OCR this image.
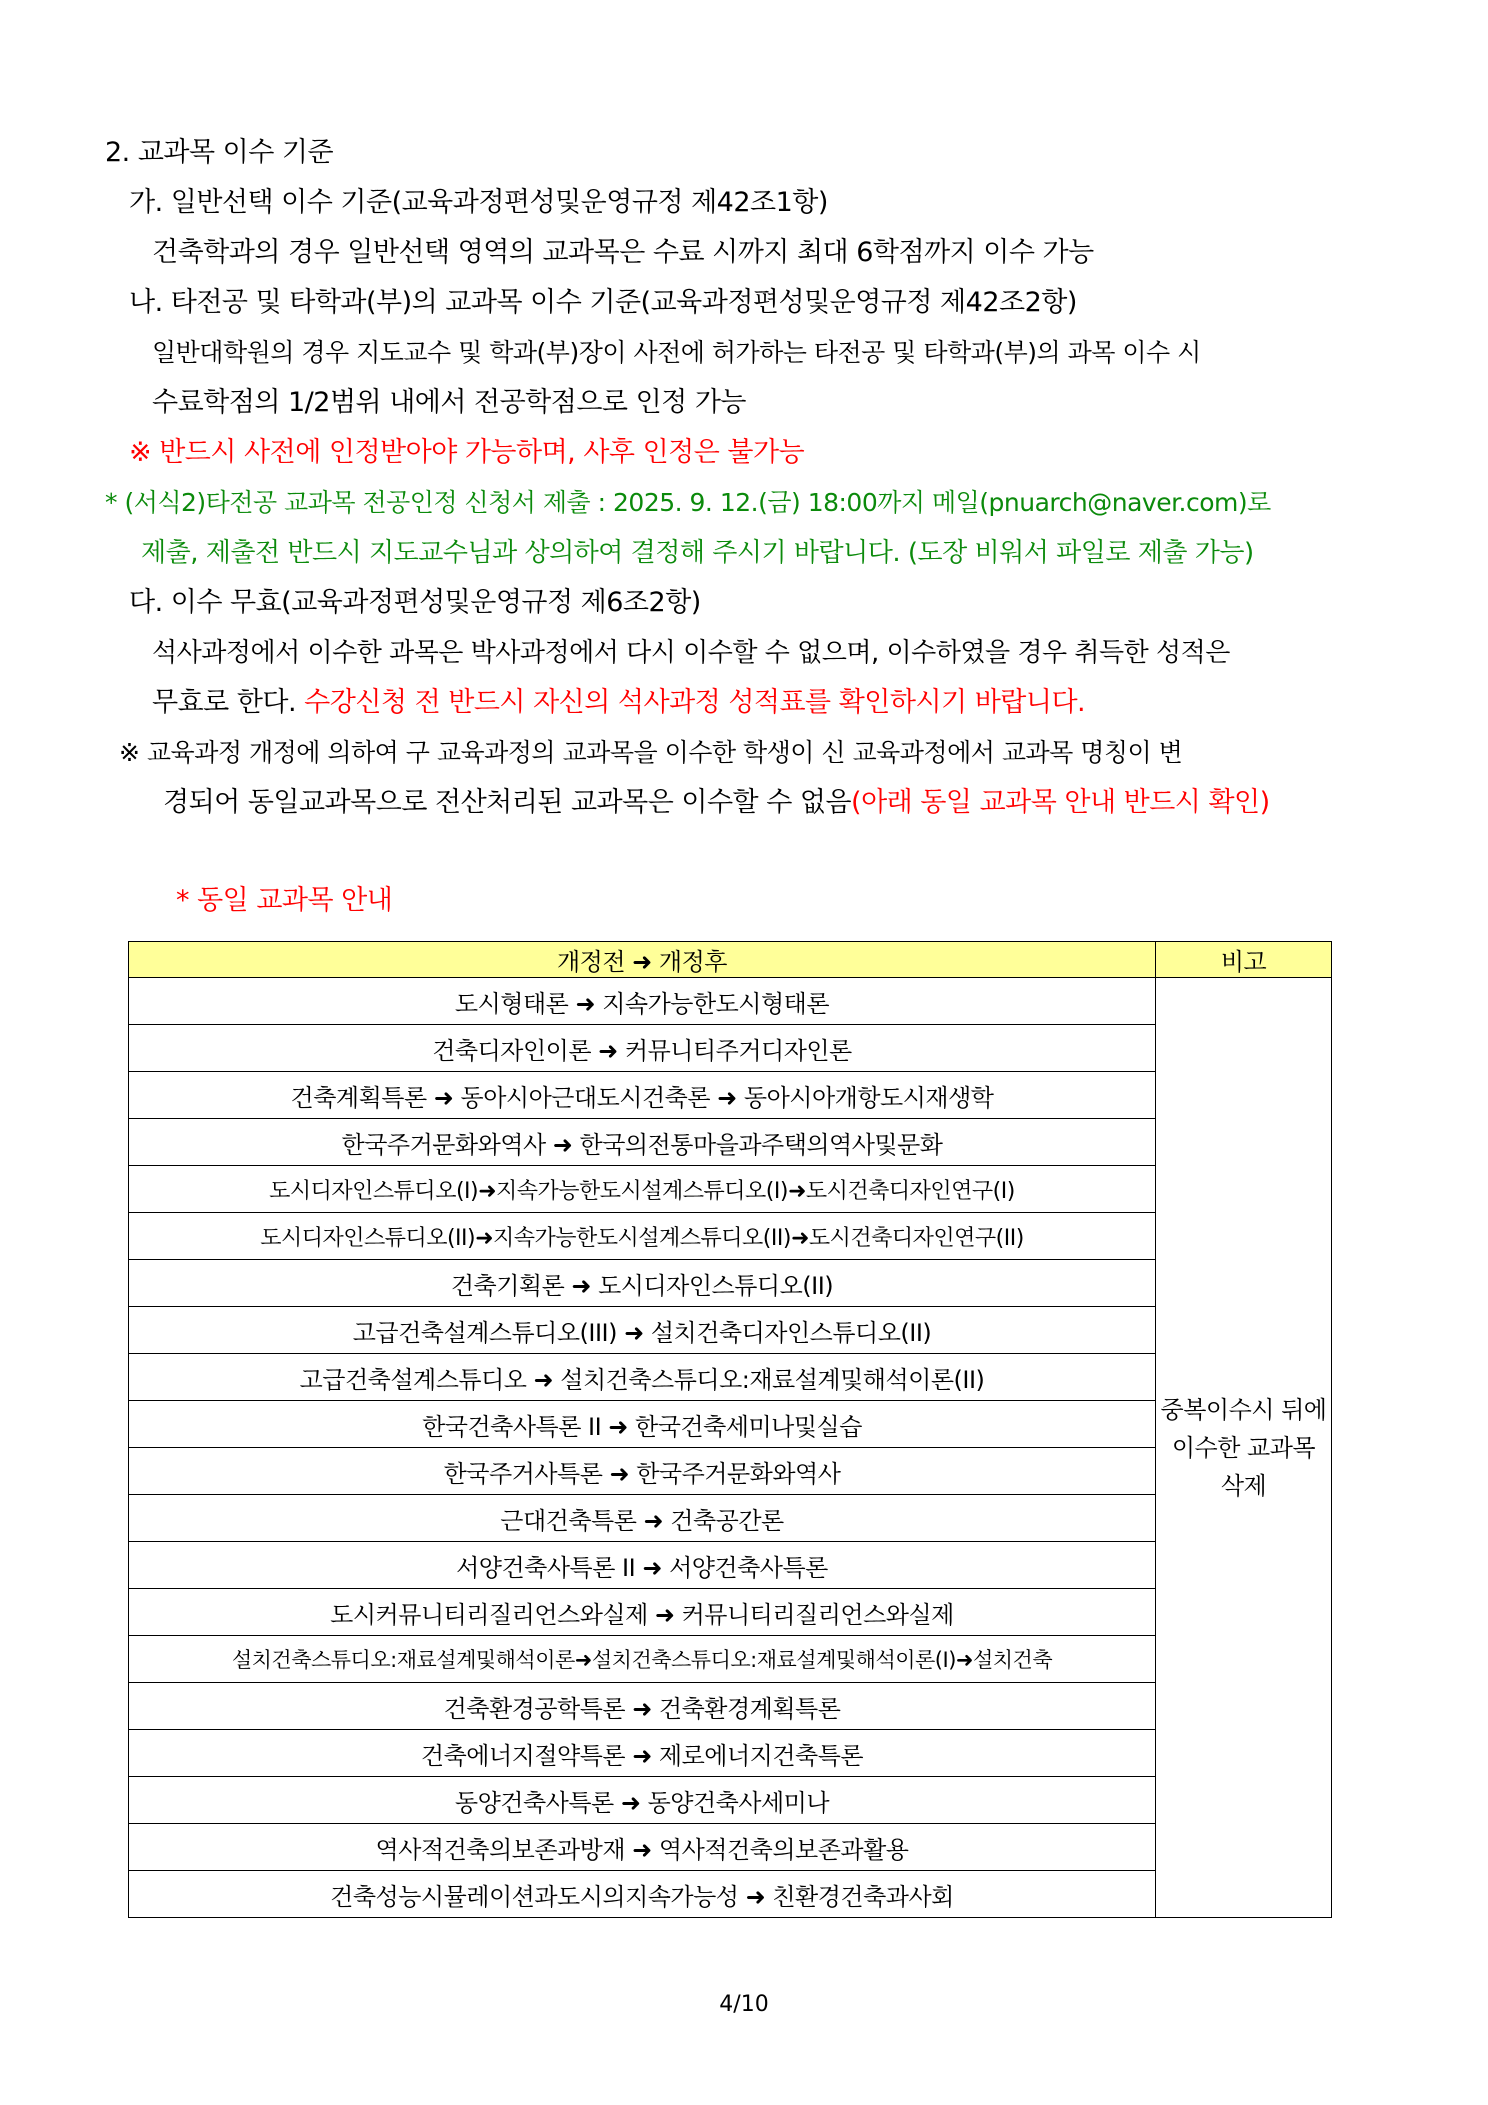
2. 교과목 이수 기준
가. 일반선택 이수 기준(교육과정편성및운영규정 제42조1항)
건축학과의 경우 일반선택 영역의 교과목은 수료 시까지 최대 6학점까지 이수 가능
나. 타전공 및 타학과(부)의 교과목 이수 기준(교육과정편성및운영규정 제42조2항)
일반대학원의 경우 지도교수 및 학과(부)장이 사전에 허가하는 타전공 및 타학과(부)의 과목 이수 시
수료학점의 1/2범위 내에서 전공학점으로 인정 가능
※ 반드시 사전에 인정받아야 가능하며, 사후 인정은 불가능
* (서식2)타전공 교과목 전공인정 신청서 제출 : 2025. 9. 12.(금) 18:00까지 메일(pnuarch@naver.com)로
제출, 제출전 반드시 지도교수님과 상의하여 결정해 주시기 바랍니다. (도장 비워서 파일로 제출 가능)
다. 이수 무효(교육과정편성및운영규정 제6조2항)
석사과정에서 이수한 과목은 박사과정에서 다시 이수할 수 없으며, 이수하였을 경우 취득한 성적은
무효로 한다. 수강신청 전 반드시 자신의 석사과정 성적표를 확인하시기 바랍니다.
※ 교육과정 개정에 의하여 구 교육과정의 교과목을 이수한 학생이 신 교육과정에서 교과목 명칭이 변
경되어 동일교과목으로 전산처리된 교과목은 이수할 수 없음(아래 동일 교과목 안내 반드시 확인)
* 동일 교과목 안내
개정전 ➜ 개정후	비고
도시형태론 ➜ 지속가능한도시형태론	중복이수시 뒤에
이수한 교과목
삭제

건축디자인이론 ➜ 커뮤니티주거디자인론	
건축계획특론 ➜ 동아시아근대도시건축론 ➜ 동아시아개항도시재생학	
한국주거문화와역사 ➜ 한국의전통마을과주택의역사및문화	
도시디자인스튜디오(I)➜지속가능한도시설계스튜디오(I)➜도시건축디자인연구(I)	
도시디자인스튜디오(II)➜지속가능한도시설계스튜디오(II)➜도시건축디자인연구(II)	
건축기획론 ➜ 도시디자인스튜디오(II)	
고급건축설계스튜디오(III) ➜ 설치건축디자인스튜디오(II)	
고급건축설계스튜디오 ➜ 설치건축스튜디오:재료설계및해석이론(II)	
한국건축사특론 II ➜ 한국건축세미나및실습	
한국주거사특론 ➜ 한국주거문화와역사	
근대건축특론 ➜ 건축공간론	
서양건축사특론 II ➜ 서양건축사특론	
도시커뮤니티리질리언스와실제 ➜ 커뮤니티리질리언스와실제	
설치건축스튜디오:재료설계및해석이론➜설치건축스튜디오:재료설계및해석이론(I)➜설치건축	
건축환경공학특론 ➜ 건축환경계획특론	
건축에너지절약특론 ➜ 제로에너지건축특론	
동양건축사특론 ➜ 동양건축사세미나	
역사적건축의보존과방재 ➜ 역사적건축의보존과활용	
건축성능시뮬레이션과도시의지속가능성 ➜ 친환경건축과사회	
4/10
